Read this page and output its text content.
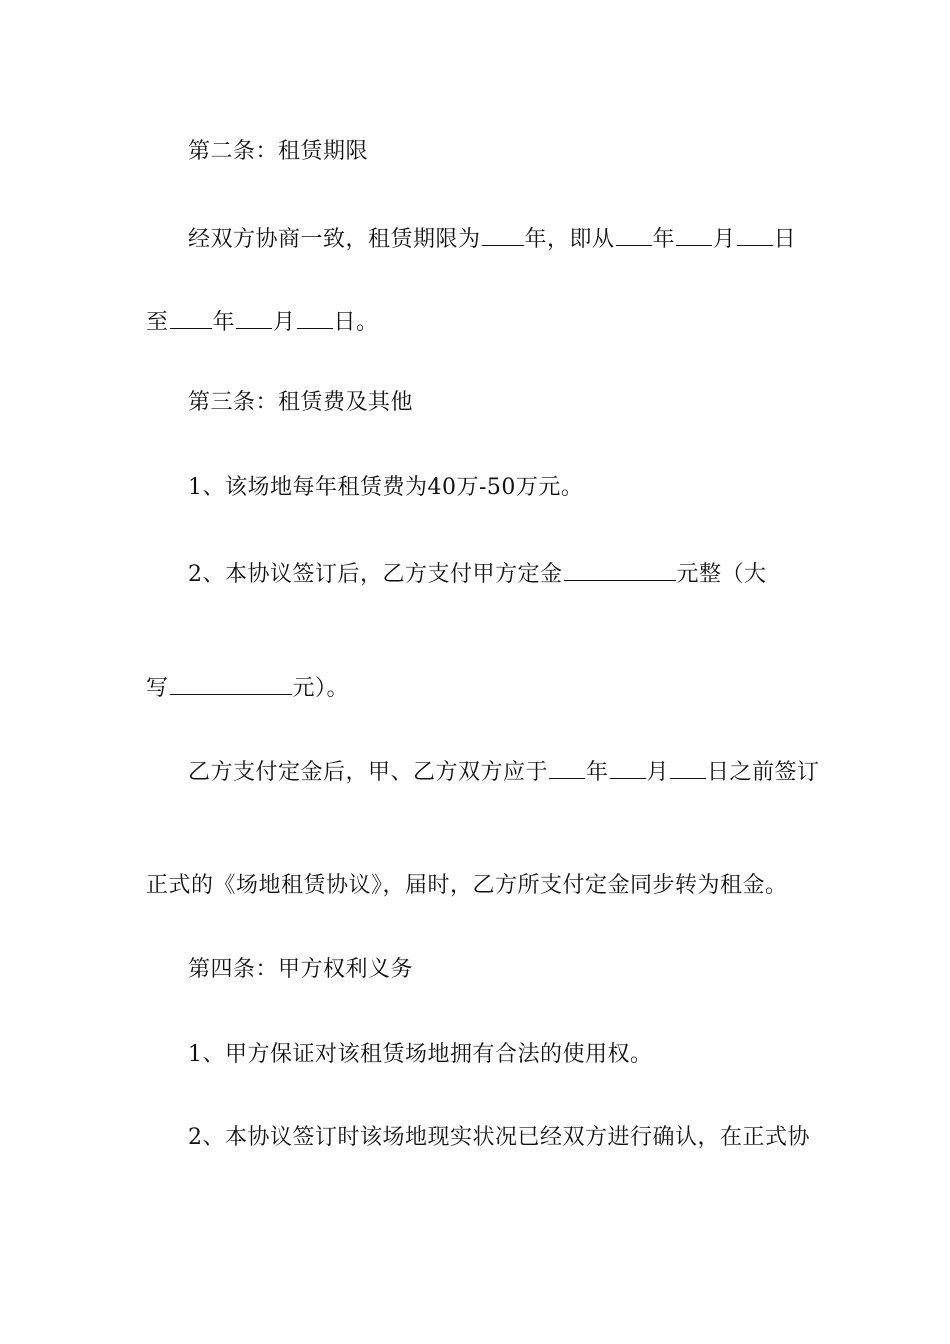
第二条：租赁期限
经双方协商一致，租赁期限为 年，即从 年 月 日
至 年 月 日。
第三条：租赁费及其他
1、该场地每年租赁费为40万-50万元。
2、本协议签订后，乙方支付甲方定金	元整（大
写	元）。
乙方支付定金后，甲、乙方双方应于 年 月 日之前签订
正式的《场地租赁协议》，届时，乙方所支付定金同步转为租金。
第四条：甲方权利义务
1、甲方保证对该租赁场地拥有合法的使用权。
2、本协议签订时该场地现实状况已经双方进行确认，在正式协
